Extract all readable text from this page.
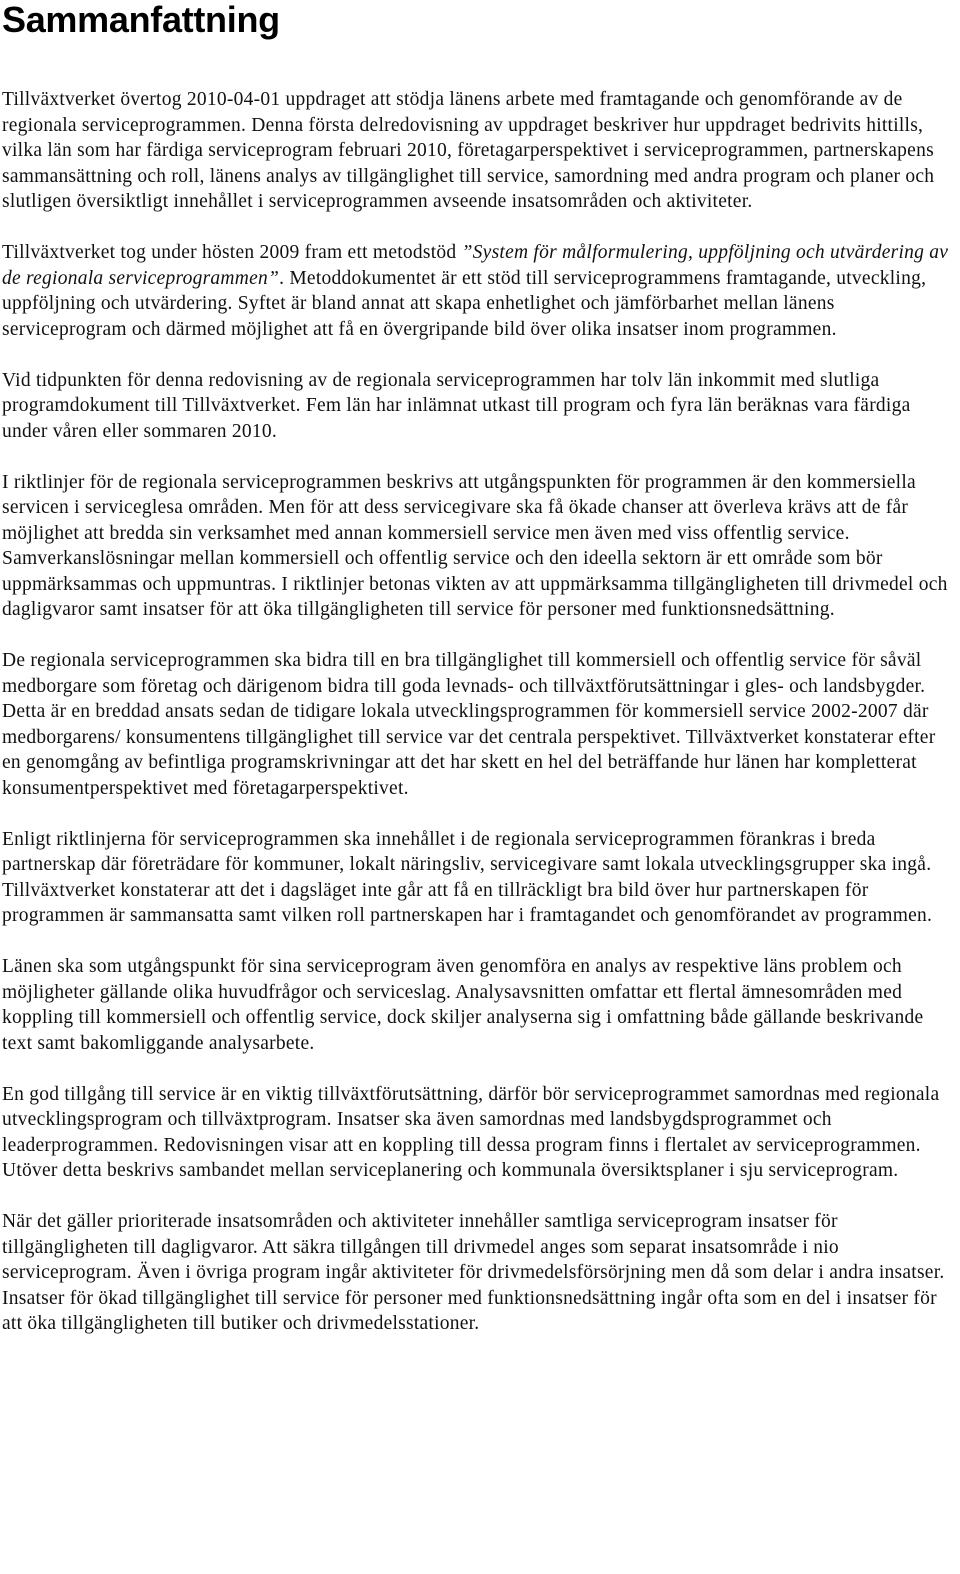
Sammanfattning

Tillväxtverket övertog 2010-04-01 uppdraget att stödja länens arbete med framtagande och genomförande av de regionala serviceprogrammen. Denna första delredovisning av uppdraget beskriver hur uppdraget bedrivits hittills, vilka län som har färdiga serviceprogram februari 2010, företagarperspektivet i serviceprogrammen, partnerskapens sammansättning och roll, länens analys av tillgänglighet till service, samordning med andra program och planer och slutligen översiktligt innehållet i serviceprogrammen avseende insatsområden och aktiviteter.

Tillväxtverket tog under hösten 2009 fram ett metodstöd ”System för målformulering, uppföljning och utvärdering av de regionala serviceprogrammen”. Metoddokumentet är ett stöd till serviceprogrammens framtagande, utveckling, uppföljning och utvärdering. Syftet är bland annat att skapa enhetlighet och jämförbarhet mellan länens serviceprogram och därmed möjlighet att få en övergripande bild över olika insatser inom programmen.

Vid tidpunkten för denna redovisning av de regionala serviceprogrammen har tolv län inkommit med slutliga programdokument till Tillväxtverket. Fem län har inlämnat utkast till program och fyra län beräknas vara färdiga under våren eller sommaren 2010.

I riktlinjer för de regionala serviceprogrammen beskrivs att utgångspunkten för programmen är den kommersiella servicen i serviceglesa områden. Men för att dess servicegivare ska få ökade chanser att överleva krävs att de får möjlighet att bredda sin verksamhet med annan kommersiell service men även med viss offentlig service. Samverkanslösningar mellan kommersiell och offentlig service och den ideella sektorn är ett område som bör uppmärksammas och uppmuntras. I riktlinjer betonas vikten av att uppmärksamma tillgängligheten till drivmedel och dagligvaror samt insatser för att öka tillgängligheten till service för personer med funktionsnedsättning.

De regionala serviceprogrammen ska bidra till en bra tillgänglighet till kommersiell och offentlig service för såväl medborgare som företag och därigenom bidra till goda levnads- och tillväxtförutsättningar i gles- och landsbygder. Detta är en breddad ansats sedan de tidigare lokala utvecklingsprogrammen för kommersiell service 2002-2007 där medborgarens/ konsumentens tillgänglighet till service var det centrala perspektivet. Tillväxtverket konstaterar efter en genomgång av befintliga programskrivningar att det har skett en hel del beträffande hur länen har kompletterat konsumentperspektivet med företagarperspektivet.

Enligt riktlinjerna för serviceprogrammen ska innehållet i de regionala serviceprogrammen förankras i breda partnerskap där företrädare för kommuner, lokalt näringsliv, servicegivare samt lokala utvecklingsgrupper ska ingå. Tillväxtverket konstaterar att det i dagsläget inte går att få en tillräckligt bra bild över hur partnerskapen för programmen är sammansatta samt vilken roll partnerskapen har i framtagandet och genomförandet av programmen.

Länen ska som utgångspunkt för sina serviceprogram även genomföra en analys av respektive läns problem och möjligheter gällande olika huvudfrågor och serviceslag. Analysavsnitten omfattar ett flertal ämnesområden med koppling till kommersiell och offentlig service, dock skiljer analyserna sig i omfattning både gällande beskrivande text samt bakomliggande analysarbete.

En god tillgång till service är en viktig tillväxtförutsättning, därför bör serviceprogrammet samordnas med regionala utvecklingsprogram och tillväxtprogram. Insatser ska även samordnas med landsbygdsprogrammet och leaderprogrammen. Redovisningen visar att en koppling till dessa program finns i flertalet av serviceprogrammen. Utöver detta beskrivs sambandet mellan serviceplanering och kommunala översiktsplaner i sju serviceprogram.

När det gäller prioriterade insatsområden och aktiviteter innehåller samtliga serviceprogram insatser för tillgängligheten till dagligvaror. Att säkra tillgången till drivmedel anges som separat insatsområde i nio serviceprogram. Även i övriga program ingår aktiviteter för drivmedelsförsörjning men då som delar i andra insatser. Insatser för ökad tillgänglighet till service för personer med funktionsnedsättning ingår ofta som en del i insatser för att öka tillgängligheten till butiker och drivmedelsstationer.
